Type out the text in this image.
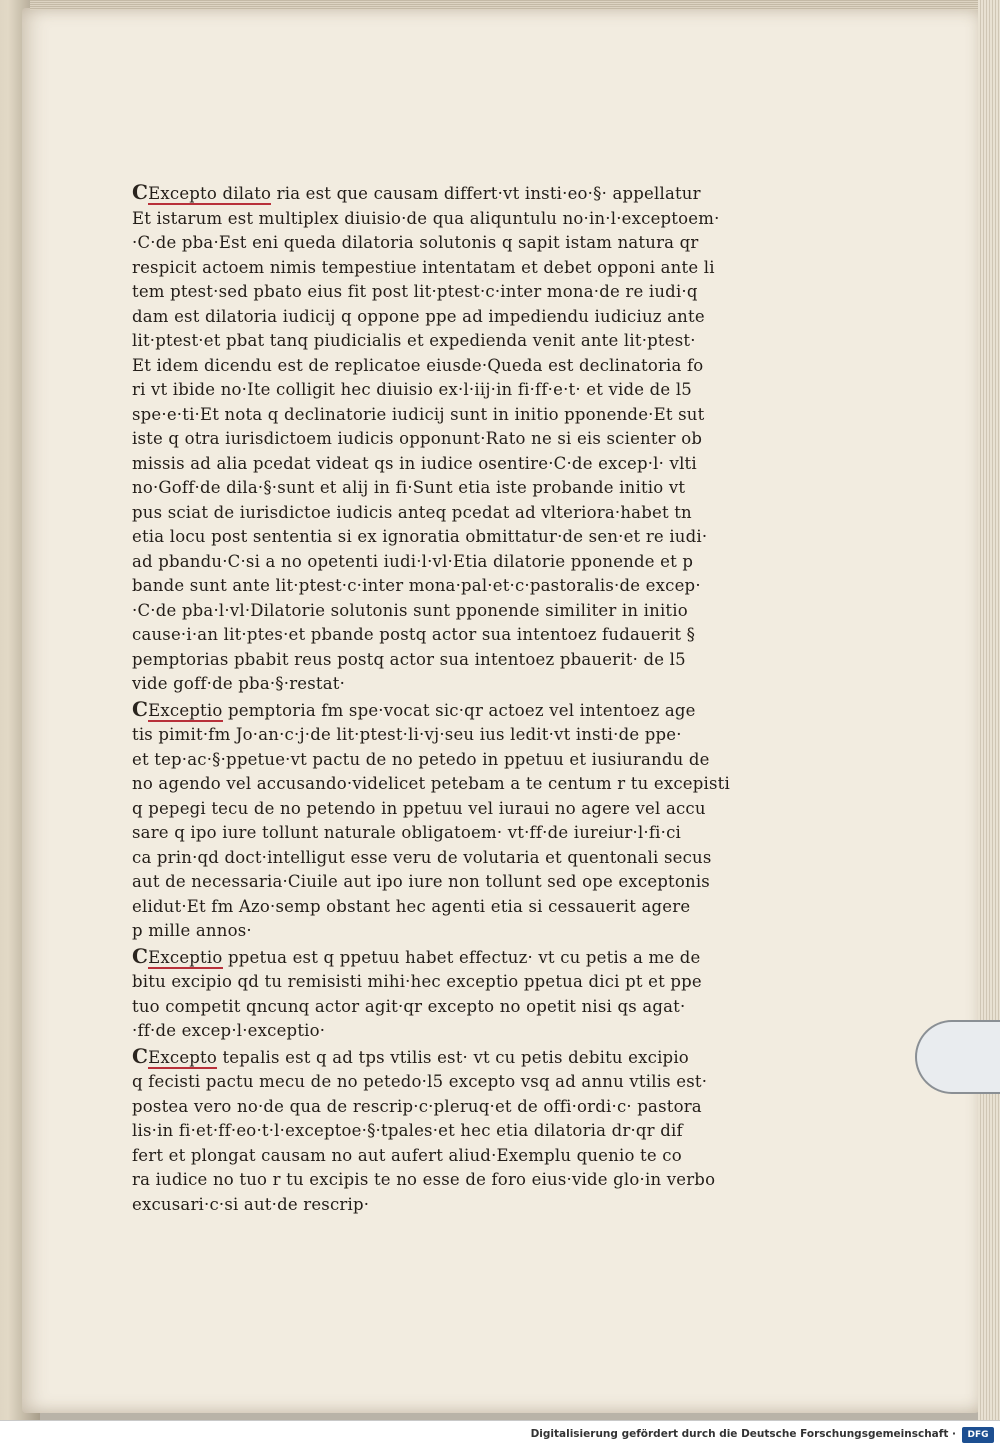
CExcepto dilato ria est que causam differt·vt insti·eo·§· appellatur
Et istarum est multiplex diuisio·de qua aliquntulu no·in·l·exceptoem·
·C·de pba·Est eni queda dilatoria solutonis q sapit istam natura qr
respicit actoem nimis tempestiue intentatam et debet opponi ante li
tem ptest·sed pbato eius fit post lit·ptest·c·inter mona·de re iudi·q
dam est dilatoria iudicij q oppone ppe ad impediendu iudiciuz ante
lit·ptest·et pbat tanq piudicialis et expedienda venit ante lit·ptest·
Et idem dicendu est de replicatoe eiusde·Queda est declinatoria fo
ri vt ibide no·Ite colligit hec diuisio ex·l·iij·in fi·ff·e·t· et vide de l5
spe·e·ti·Et nota q declinatorie iudicij sunt in initio pponende·Et sut
iste q otra iurisdictoem iudicis opponunt·Rato ne si eis scienter ob
missis ad alia pcedat videat qs in iudice osentire·C·de excep·l· vlti
no·Goff·de dila·§·sunt et alij in fi·Sunt etia iste probande initio vt
pus sciat de iurisdictoe iudicis anteq pcedat ad vlteriora·habet tn
etia locu post sententia si ex ignoratia obmittatur·de sen·et re iudi·
ad pbandu·C·si a no opetenti iudi·l·vl·Etia dilatorie pponende et p
bande sunt ante lit·ptest·c·inter mona·pal·et·c·pastoralis·de excep·
·C·de pba·l·vl·Dilatorie solutonis sunt pponende similiter in initio
cause·i·an lit·ptes·et pbande postq actor sua intentoez fudauerit §
pemptorias pbabit reus postq actor sua intentoez pbauerit· de l5
vide goff·de pba·§·restat·
CExceptio pemptoria fm spe·vocat sic·qr actoez vel intentoez age
tis pimit·fm Jo·an·c·j·de lit·ptest·li·vj·seu ius ledit·vt insti·de ppe·
et tep·ac·§·ppetue·vt pactu de no petedo in ppetuu et iusiurandu de
no agendo vel accusando·videlicet petebam a te centum r tu excepisti
q pepegi tecu de no petendo in ppetuu vel iuraui no agere vel accu
sare q ipo iure tollunt naturale obligatoem· vt·ff·de iureiur·l·fi·ci
ca prin·qd doct·intelligut esse veru de volutaria et quentonali secus
aut de necessaria·Ciuile aut ipo iure non tollunt sed ope exceptonis
elidut·Et fm Azo·semp obstant hec agenti etia si cessauerit agere
p mille annos·
CExceptio ppetua est q ppetuu habet effectuz· vt cu petis a me de
bitu excipio qd tu remisisti mihi·hec exceptio ppetua dici pt et ppe
tuo competit qncunq actor agit·qr excepto no opetit nisi qs agat·
·ff·de excep·l·exceptio·
CExcepto tepalis est q ad tps vtilis est· vt cu petis debitu excipio
q fecisti pactu mecu de no petedo·l5 excepto vsq ad annu vtilis est·
postea vero no·de qua de rescrip·c·pleruq·et de offi·ordi·c· pastora
lis·in fi·et·ff·eo·t·l·exceptoe·§·tpales·et hec etia dilatoria dr·qr dif
fert et plongat causam no aut aufert aliud·Exemplu quenio te co
ra iudice no tuo r tu excipis te no esse de foro eius·vide glo·in verbo
excusari·c·si aut·de rescrip·
Digitalisierung gefördert durch die Deutsche Forschungsgemeinschaft ·	DFG
